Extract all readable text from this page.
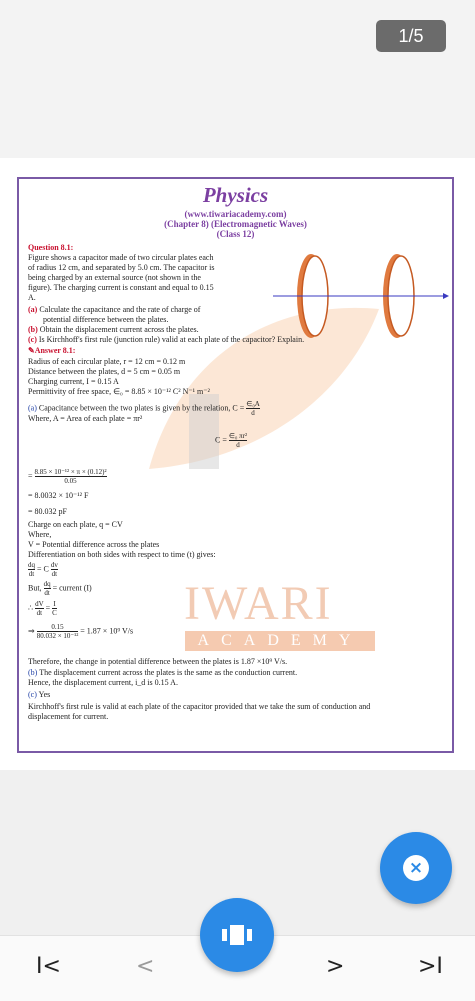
1/5
IWARI
ACADEMY
Physics
(www.tiwariacademy.com)
(Chapter 8) (Electromagnetic Waves)
(Class 12)
Question 8.1:
Figure shows a capacitor made of two circular plates each
of radius 12 cm, and separated by 5.0 cm. The capacitor is
being charged by an external source (not shown in the
figure). The charging current is constant and equal to 0.15
A.
(a) Calculate the capacitance and the rate of charge of
potential difference between the plates.
(b) Obtain the displacement current across the plates.
(c) Is Kirchhoff's first rule (junction rule) valid at each plate of the capacitor? Explain.
✎Answer 8.1:
Radius of each circular plate, r = 12 cm = 0.12 m
Distance between the plates, d = 5 cm = 0.05 m
Charging current, I = 0.15 A
Permittivity of free space, ∈₀ = 8.85 × 10⁻¹² C² N⁻¹ m⁻²
(a) Capacitance between the two plates is given by the relation, $C = \frac{\text{∈₀A}}{d}$
Where, A = Area of each plate = πr²
$C = \frac{\text{∈₀ πr²}}{d}$
= $\frac{\text{8.85 × 10⁻¹² × π × (0.12)²}}{0.05}$
= 8.0032 × 10⁻¹² F
= 80.032 pF
Charge on each plate, q = CV
Where,
V = Potential difference across the plates
Differentiation on both sides with respect to time (t) gives:
$\frac{dq}{dt} = C \frac{dv}{dt}$
But, $\frac{dq}{dt}$ = current (I)
∴ $\frac{dV}{dt} = \frac{I}{C}$
⇒ $\frac{0.15}{\text{80.032 × 10⁻¹²}} = 1.87 \times 10^9$ V/s
Therefore, the change in potential difference between the plates is 1.87 ×10⁹ V/s.
(b) The displacement current across the plates is the same as the conduction current.
Hence, the displacement current, i_d is 0.15 A.
(c) Yes
Kirchhoff's first rule is valid at each plate of the capacitor provided that we take the sum of conduction and
displacement for current.
×
I<	<	>	>I
